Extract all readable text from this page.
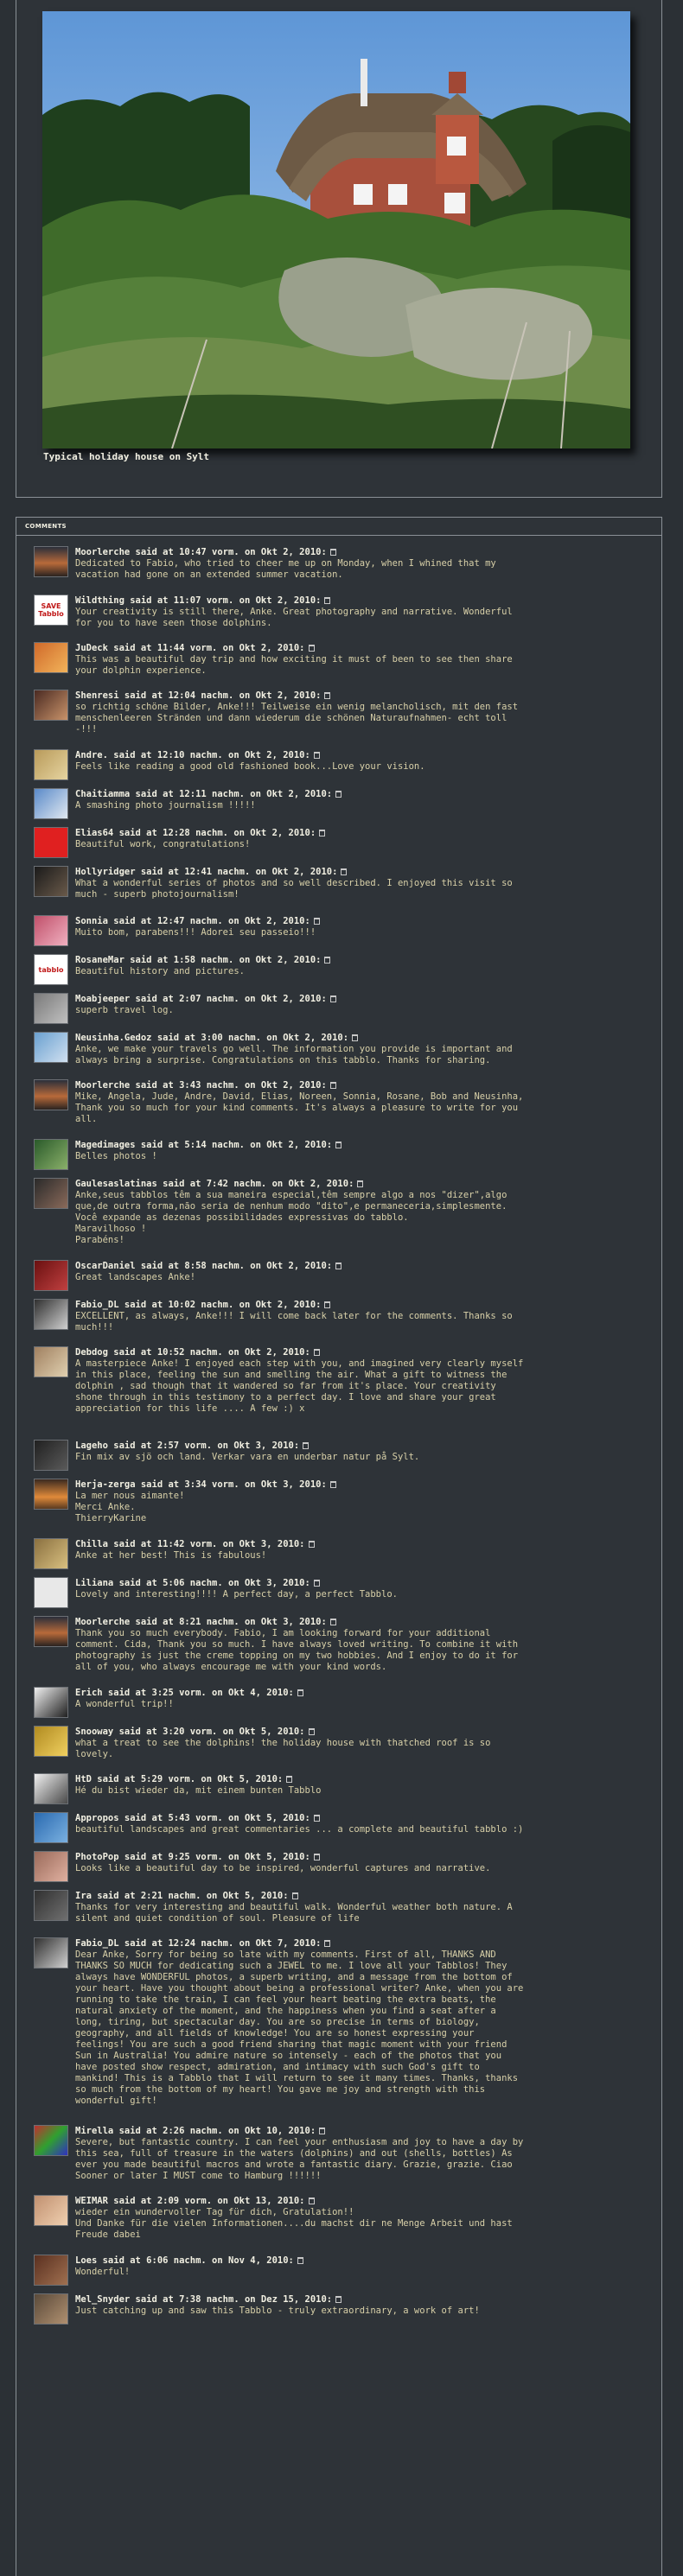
Typical holiday house on Sylt
COMMENTS
Moorlerche said at 10:47 vorm. on Okt 2, 2010:
Dedicated to Fabio, who tried to cheer me up on Monday, when I whined that my
vacation had gone on an extended summer vacation.
SAVE
Tabblo
Wildthing said at 11:07 vorm. on Okt 2, 2010:
Your creativity is still there, Anke. Great photography and narrative. Wonderful
for you to have seen those dolphins.
JuDeck said at 11:44 vorm. on Okt 2, 2010:
This was a beautiful day trip and how exciting it must of been to see then share
your dolphin experience.
Shenresi said at 12:04 nachm. on Okt 2, 2010:
so richtig schöne Bilder, Anke!!! Teilweise ein wenig melancholisch, mit den fast
menschenleeren Stränden und dann wiederum die schönen Naturaufnahmen- echt toll
-!!!
Andre. said at 12:10 nachm. on Okt 2, 2010:
Feels like reading a good old fashioned book...Love your vision.
Chaitiamma said at 12:11 nachm. on Okt 2, 2010:
A smashing photo journalism !!!!!
Elias64 said at 12:28 nachm. on Okt 2, 2010:
Beautiful work, congratulations!
Hollyridger said at 12:41 nachm. on Okt 2, 2010:
What a wonderful series of photos and so well described. I enjoyed this visit so
much - superb photojournalism!
Sonnia said at 12:47 nachm. on Okt 2, 2010:
Muito bom, parabens!!! Adorei seu passeio!!!
tabblo
RosaneMar said at 1:58 nachm. on Okt 2, 2010:
Beautiful history and pictures.
Moabjeeper said at 2:07 nachm. on Okt 2, 2010:
superb travel log.
Neusinha.Gedoz said at 3:00 nachm. on Okt 2, 2010:
Anke, we make your travels go well. The information you provide is important and
always bring a surprise. Congratulations on this tabblo. Thanks for sharing.
Moorlerche said at 3:43 nachm. on Okt 2, 2010:
Mike, Angela, Jude, Andre, David, Elias, Noreen, Sonnia, Rosane, Bob and Neusinha,
Thank you so much for your kind comments. It's always a pleasure to write for you
all.
Magedimages said at 5:14 nachm. on Okt 2, 2010:
Belles photos !
Gaulesaslatinas said at 7:42 nachm. on Okt 2, 2010:
Anke,seus tabblos têm a sua maneira especial,têm sempre algo a nos "dizer",algo
que,de outra forma,não seria de nenhum modo "dito",e permaneceria,simplesmente.
Você expande as dezenas possibilidades expressivas do tabblo.
Maravilhoso !
Parabéns!
OscarDaniel said at 8:58 nachm. on Okt 2, 2010:
Great landscapes Anke!
Fabio_DL said at 10:02 nachm. on Okt 2, 2010:
EXCELLENT, as always, Anke!!! I will come back later for the comments. Thanks so
much!!!
Debdog said at 10:52 nachm. on Okt 2, 2010:
A masterpiece Anke! I enjoyed each step with you, and imagined very clearly myself
in this place, feeling the sun and smelling the air. What a gift to witness the
dolphin , sad though that it wandered so far from it's place. Your creativity
shone through in this testimony to a perfect day. I love and share your great
appreciation for this life .... A few :) x
Lageho said at 2:57 vorm. on Okt 3, 2010:
Fin mix av sjö och land. Verkar vara en underbar natur på Sylt.
Herja-zerga said at 3:34 vorm. on Okt 3, 2010:
La mer nous aimante!
Merci Anke.
ThierryKarine
Chilla said at 11:42 vorm. on Okt 3, 2010:
Anke at her best! This is fabulous!
Liliana said at 5:06 nachm. on Okt 3, 2010:
Lovely and interesting!!!! A perfect day, a perfect Tabblo.
Moorlerche said at 8:21 nachm. on Okt 3, 2010:
Thank you so much everybody. Fabio, I am looking forward for your additional
comment. Cida, Thank you so much. I have always loved writing. To combine it with
photography is just the creme topping on my two hobbies. And I enjoy to do it for
all of you, who always encourage me with your kind words.
Erich said at 3:25 vorm. on Okt 4, 2010:
A wonderful trip!!
Snooway said at 3:20 vorm. on Okt 5, 2010:
what a treat to see the dolphins! the holiday house with thatched roof is so
lovely.
HtD said at 5:29 vorm. on Okt 5, 2010:
Hé du bist wieder da, mit einem bunten Tabblo
Appropos said at 5:43 vorm. on Okt 5, 2010:
beautiful landscapes and great commentaries ... a complete and beautiful tabblo :)
PhotoPop said at 9:25 vorm. on Okt 5, 2010:
Looks like a beautiful day to be inspired, wonderful captures and narrative.
Ira said at 2:21 nachm. on Okt 5, 2010:
Thanks for very interesting and beautiful walk. Wonderful weather both nature. A
silent and quiet condition of soul. Pleasure of life
Fabio_DL said at 12:24 nachm. on Okt 7, 2010:
Dear Anke, Sorry for being so late with my comments. First of all, THANKS AND
THANKS SO MUCH for dedicating such a JEWEL to me. I love all your Tabblos! They
always have WONDERFUL photos, a superb writing, and a message from the bottom of
your heart. Have you thought about being a professional writer? Anke, when you are
running to take the train, I can feel your heart beating the extra beats, the
natural anxiety of the moment, and the happiness when you find a seat after a
long, tiring, but spectacular day. You are so precise in terms of biology,
geography, and all fields of knowledge! You are so honest expressing your
feelings! You are such a good friend sharing that magic moment with your friend
Sun in Australia! You admire nature so intensely - each of the photos that you
have posted show respect, admiration, and intimacy with such God's gift to
mankind! This is a Tabblo that I will return to see it many times. Thanks, thanks
so much from the bottom of my heart! You gave me joy and strength with this
wonderful gift!
Mirella said at 2:26 nachm. on Okt 10, 2010:
Severe, but fantastic country. I can feel your enthusiasm and joy to have a day by
this sea, full of treasure in the waters (dolphins) and out (shells, bottles) As
ever you made beautiful macros and wrote a fantastic diary. Grazie, grazie. Ciao
Sooner or later I MUST come to Hamburg !!!!!!
WEIMAR said at 2:09 vorm. on Okt 13, 2010:
wieder ein wundervoller Tag für dich, Gratulation!!
Und Danke für die vielen Informationen....du machst dir ne Menge Arbeit und hast
Freude dabei
Loes said at 6:06 nachm. on Nov 4, 2010:
Wonderful!
Mel_Snyder said at 7:38 nachm. on Dez 15, 2010:
Just catching up and saw this Tabblo - truly extraordinary, a work of art!
